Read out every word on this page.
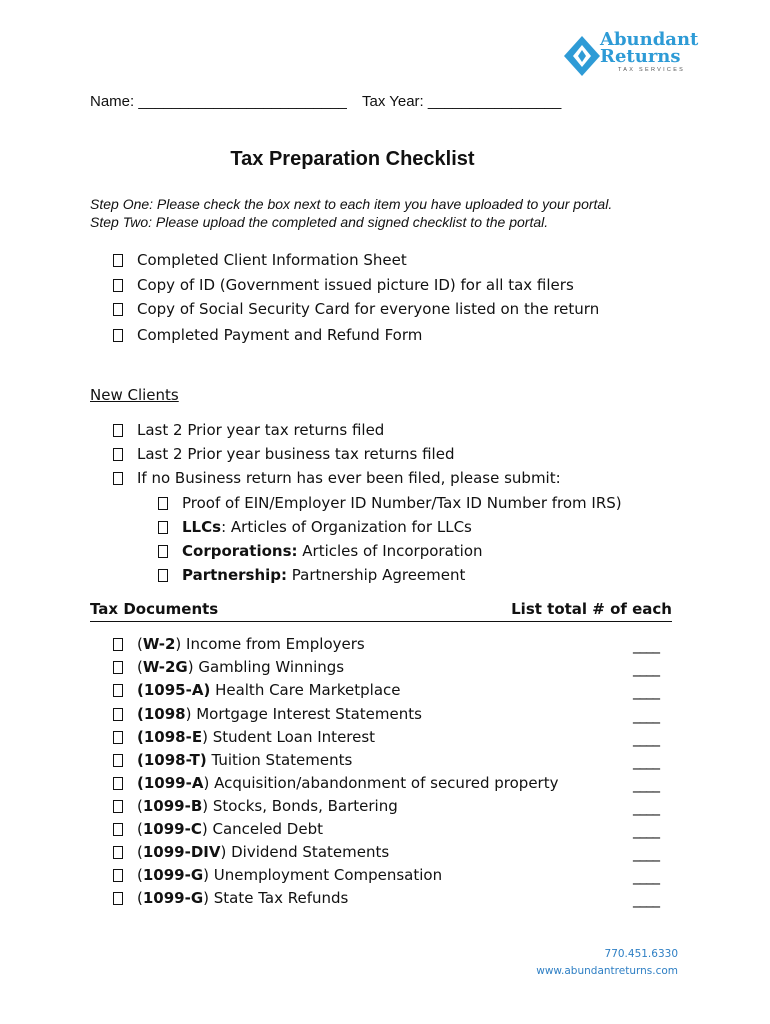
Abundant
Returns
TAX SERVICES
Name: _________________________ Tax Year: ________________
Tax Preparation Checklist
Step One: Please check the box next to each item you have uploaded to your portal.
Step Two: Please upload the completed and signed checklist to the portal.
Completed Client Information Sheet
Copy of ID (Government issued picture ID) for all tax filers
Copy of Social Security Card for everyone listed on the return
Completed Payment and Refund Form
New Clients
Last 2 Prior year tax returns filed
Last 2 Prior year business tax returns filed
If no Business return has ever been filed, please submit:
Proof of EIN/Employer ID Number/Tax ID Number from IRS)
LLCs: Articles of Organization for LLCs
Corporations: Articles of Incorporation
Partnership: Partnership Agreement
Tax Documents	List total # of each
(W-2) Income from Employers
(W-2G) Gambling Winnings
(1095-A) Health Care Marketplace
(1098) Mortgage Interest Statements
(1098-E) Student Loan Interest
(1098-T) Tuition Statements
(1099-A) Acquisition/abandonment of secured property
(1099-B) Stocks, Bonds, Bartering
(1099-C) Canceled Debt
(1099-DIV) Dividend Statements
(1099-G) Unemployment Compensation
(1099-G) State Tax Refunds
____
____
____
____
____
____
____
____
____
____
____
____
770.451.6330
www.abundantreturns.com
